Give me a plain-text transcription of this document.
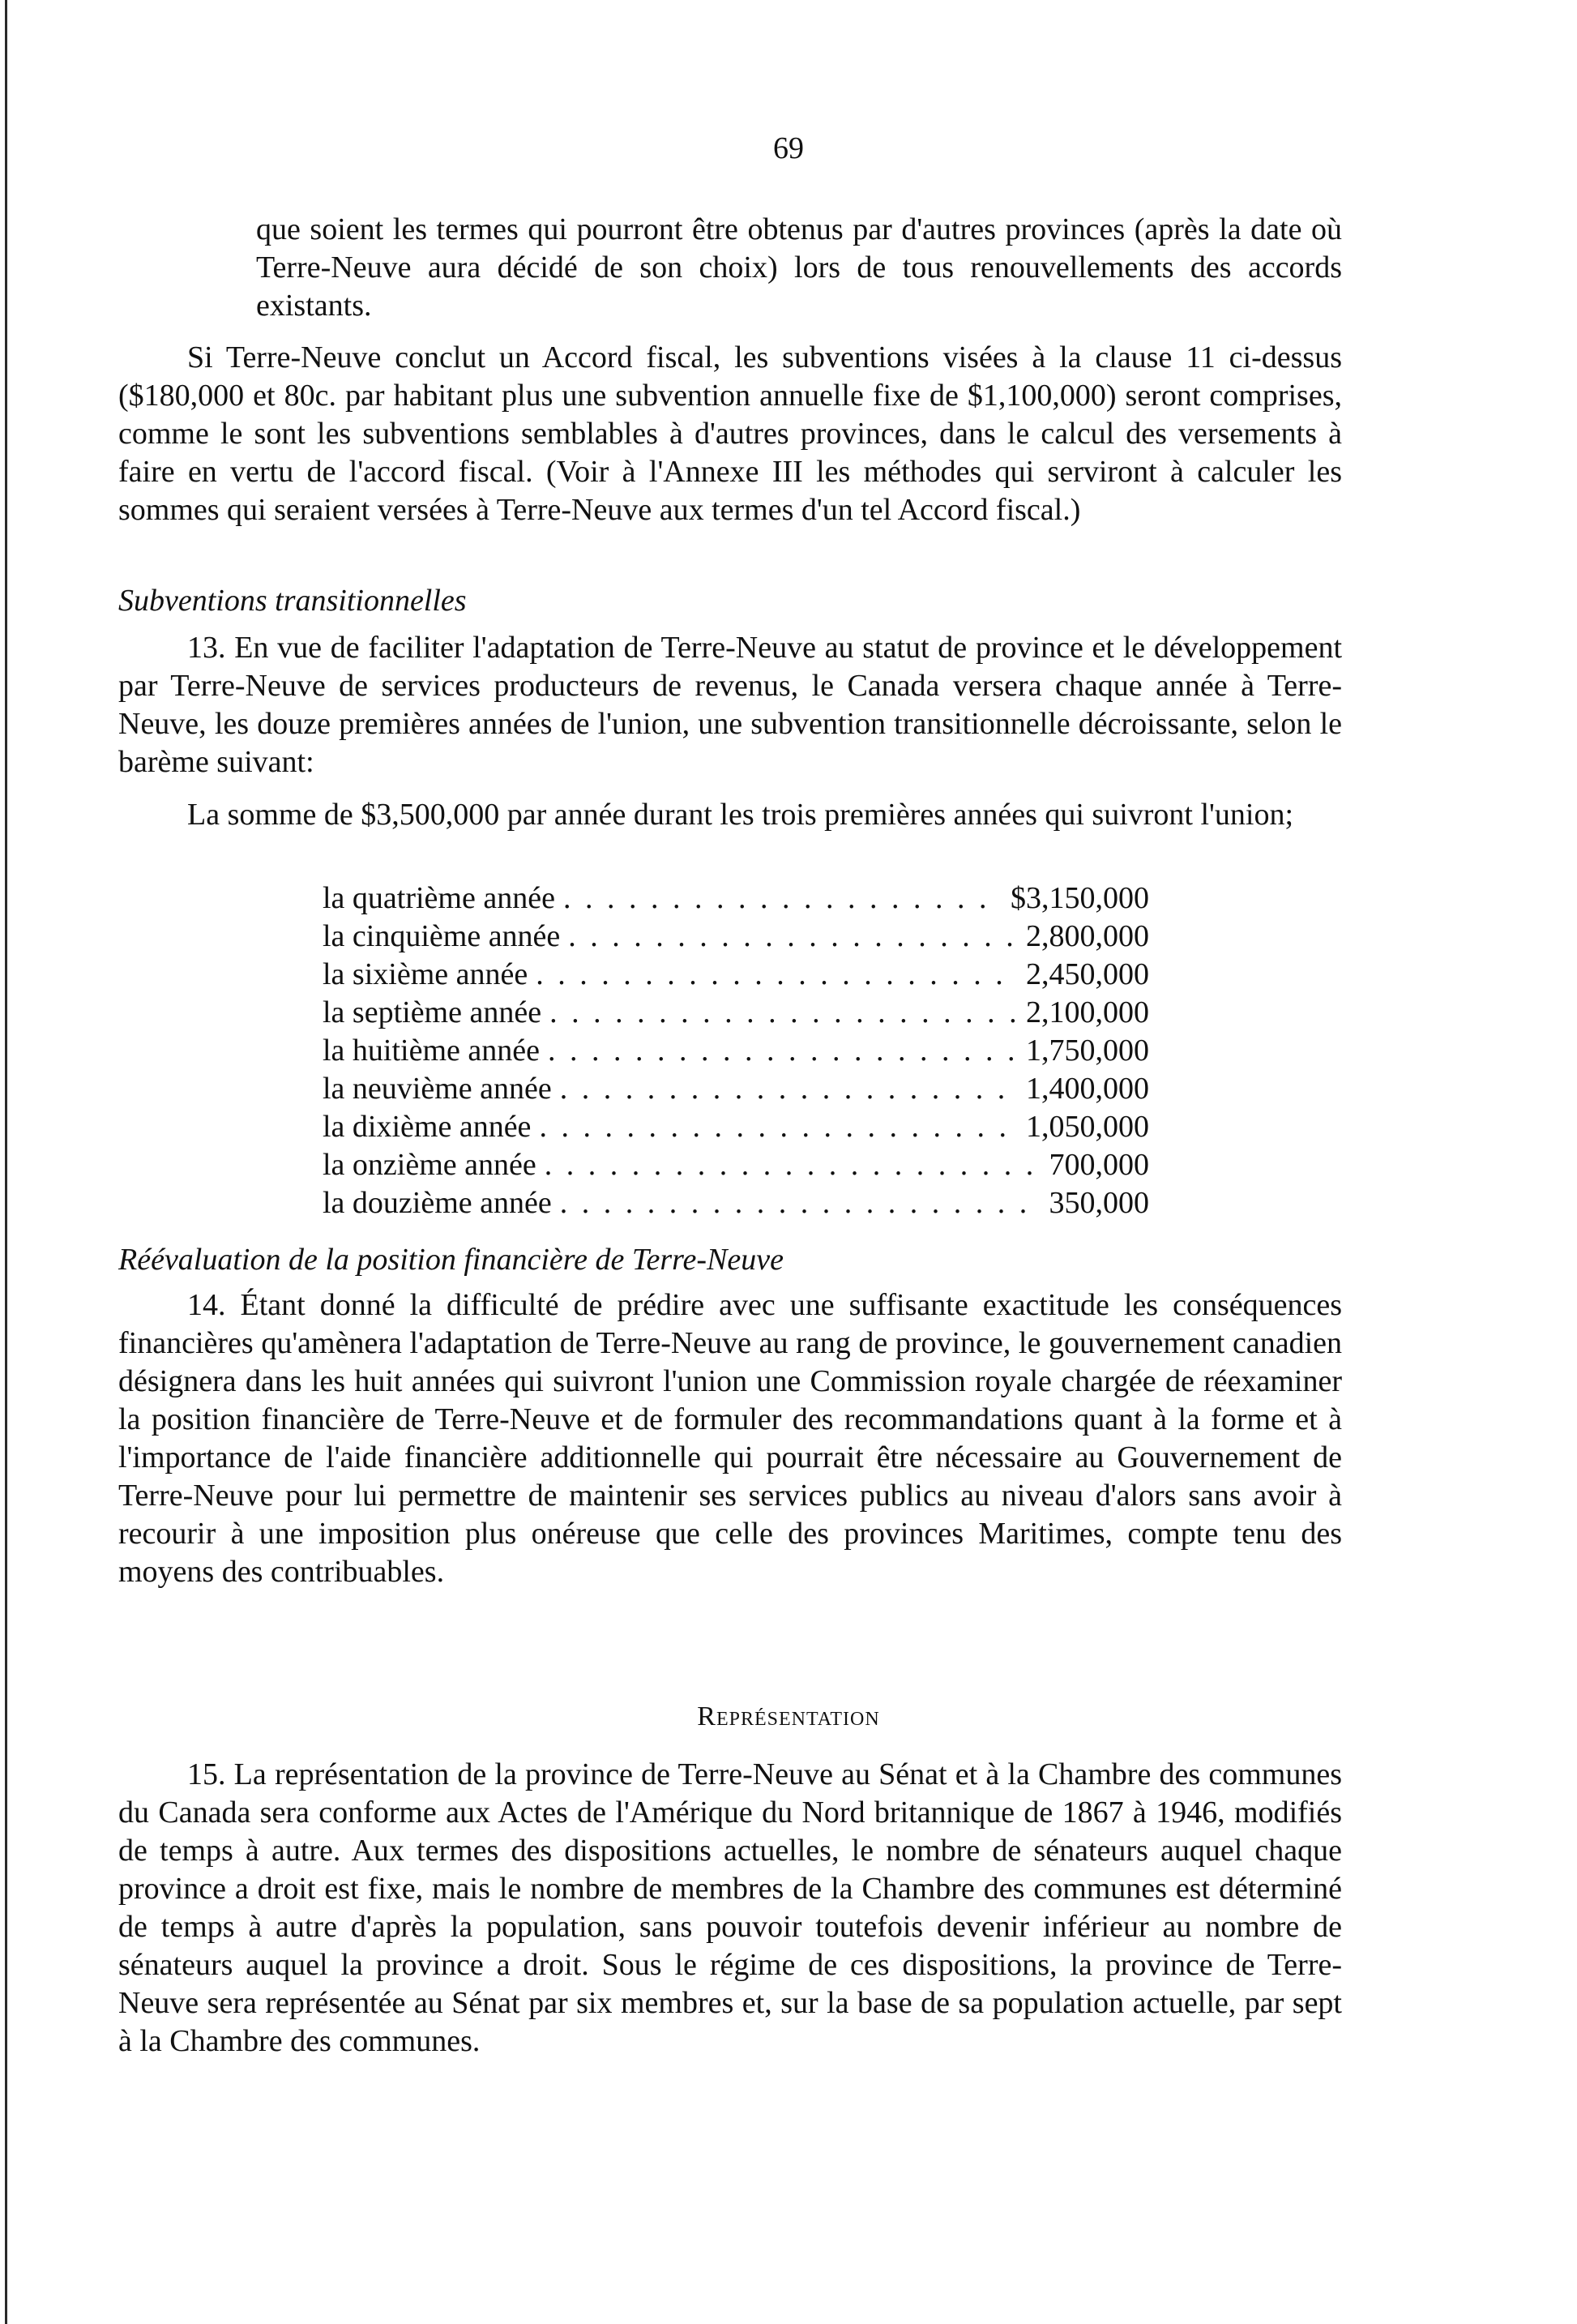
69

que soient les termes qui pourront être obtenus par d'autres provinces (après la date où Terre-Neuve aura décidé de son choix) lors de tous renouvellements des accords existants.

Si Terre-Neuve conclut un Accord fiscal, les subventions visées à la clause 11 ci-dessus ($180,000 et 80c. par habitant plus une subvention annuelle fixe de $1,100,000) seront comprises, comme le sont les subventions semblables à d'autres provinces, dans le calcul des versements à faire en vertu de l'accord fiscal. (Voir à l'Annexe III les méthodes qui serviront à calculer les sommes qui seraient versées à Terre-Neuve aux termes d'un tel Accord fiscal.)

Subventions transitionnelles

13. En vue de faciliter l'adaptation de Terre-Neuve au statut de province et le développement par Terre-Neuve de services producteurs de revenus, le Canada versera chaque année à Terre-Neuve, les douze premières années de l'union, une subvention transitionnelle décroissante, selon le barème suivant:

La somme de $3,500,000 par année durant les trois premières années qui suivront l'union;

la quatrième année . . .	$3,150,000
la cinquième année . . .	2,800,000
la sixième année . . .	2,450,000
la septième année . . .	2,100,000
la huitième année . . .	1,750,000
la neuvième année . . .	1,400,000
la dixième année . . .	1,050,000
la onzième année . . .	700,000
la douzième année . . .	350,000

Réévaluation de la position financière de Terre-Neuve

14. Étant donné la difficulté de prédire avec une suffisante exactitude les conséquences financières qu'amènera l'adaptation de Terre-Neuve au rang de province, le gouvernement canadien désignera dans les huit années qui suivront l'union une Commission royale chargée de réexaminer la position financière de Terre-Neuve et de formuler des recommandations quant à la forme et à l'importance de l'aide financière additionnelle qui pourrait être nécessaire au Gouvernement de Terre-Neuve pour lui permettre de maintenir ses services publics au niveau d'alors sans avoir à recourir à une imposition plus onéreuse que celle des provinces Maritimes, compte tenu des moyens des contribuables.

Représentation

15. La représentation de la province de Terre-Neuve au Sénat et à la Chambre des communes du Canada sera conforme aux Actes de l'Amérique du Nord britannique de 1867 à 1946, modifiés de temps à autre. Aux termes des dispositions actuelles, le nombre de sénateurs auquel chaque province a droit est fixe, mais le nombre de membres de la Chambre des communes est déterminé de temps à autre d'après la population, sans pouvoir toutefois devenir inférieur au nombre de sénateurs auquel la province a droit. Sous le régime de ces dispositions, la province de Terre-Neuve sera représentée au Sénat par six membres et, sur la base de sa population actuelle, par sept à la Chambre des communes.
